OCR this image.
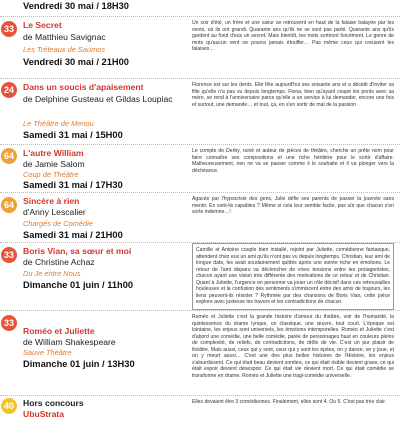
Vendredi 30 mai / 18H30
33	Le Secret
de Matthieu Savignac
Les Tréteaux de Saumos
Vendredi 30 mai / 21H00
Un soir d'été, un frère et une sœur se retrouvent en haut de la falaise balayée par les vents, où ils ont grandi. Quarante ans qu'ils ne se sont pas parlé. Quarante ans qu'ils gardent au fond d'eux un secret. Mais bientôt, les mots sortiront forcément. Le genre de mots qu'aucun vent ne pourra jamais étouffer… Pas même ceux qui creusent les falaises…
24	Dans un soucis d'apaisement
de Delphine Gusteau et Gildas Loupiac
Le Théâtre de Menou
Samedi 31 mai / 15H00
Florence est sur les dents. Elle fête aujourd'hui ses soixante ans et a décidé d'inviter sa fille qu'elle n'a pas vu depuis longtemps. Fiona, bien qu'ayant coupé les ponts avec sa mère, se rend à l'anniversaire parce qu'elle a un service à lui demander, encore une fois et surtout, une demande… et tout, ça, en s'en sortir de mal de la passion
64	L'autre William
de Jamie Salom
Coup de Théâtre
Samedi 31 mai / 17H30
Le compte de Derby, ruiné et auteur de pièces de théâtre, cherche un prête nom pour faire connaître ses compositions et une riche héritière pour le sortir d'affaire. Malheureusement, rien ne va se passer comme il le souhaite et il va plonger vers la déchéance.
64	Sincère à rien
d'Anny Lescalier
Chargés de Comédie
Samedi 31 mai / 21H00
Agacée par l'hypocrisie des gens, Julie défie ses parents de passer la journée sans mentir. En sont-ils capables ? Même si cela leur semble facile, pas sûr que chacun s'en sorte indemne…!
33	Boris Vian, sa sœur et moi
de Christine Achaz
Du Je entre Nous
Dimanche 01 juin / 11h00
Camille et Antoine couple bien installé, rejoint par Juliette, comédienne fantasque, attendent chez eux un ami qu'ils n'ont pas vu depuis longtemps. Christian, leur ami de longue date, les avait soudainement quittés après une soirée riche en émotions. Le retour de l'ami disparu va déclencher de vives tensions entre les protagonistes, chacun ayant une vision très différente des motivations de ce retour et de Christian. Quant à Juliette, l'urgence en personne va jouer un rôle décisif dans ces retrouvailles houleuses et la confusion des sentiments s'immiscent entre des amis de toujours, les liens peuvent-ils résister ? Rythmée par des chansons de Boris Vian, cette pièce explore avec justesse les travers et les contradictions de chacun.
33
Roméo et Juliette
de William Shakespeare
Sauve Théâtre
Dimanche 01 juin / 13H30
Roméo et Juliette c'est la grande histoire d'amour du théâtre, voir de l'humanité, la quintessence du drame lyrique, un classique, une œuvre, tout court. L'époque est lointaine, les enjeux sont universels, les émotions intemporelles. Roméo et Juliette c'est d'abord une comédie, une belle comédie, parée de personnages haut en couleurs pleins de complexité, de reliefs, de contradictions, de drôle de vie. C'est un pur plaisir de théâtre. Mais aussi, ceux qui y sont, ceux qui y sont les épées, on y danse, on y joue, et on y meurt aussi… C'est une des plus belles histoires de l'Histoire, les enjeux s'alourdissent. Ce qui était beau devient sombre, ce qui était risible devient grave, ce qui était espoir devient désespoir. Ce qui était vie devient mort. Ce qui était comédie se transforme en drame. Roméo et Juliette une tragi-comédie universelle.
40	Hors concours
UbuStrata
Elles devaient être 3 comédiennes. Finalement, elles sont 4. Ou 5. C'est pas très clair.
